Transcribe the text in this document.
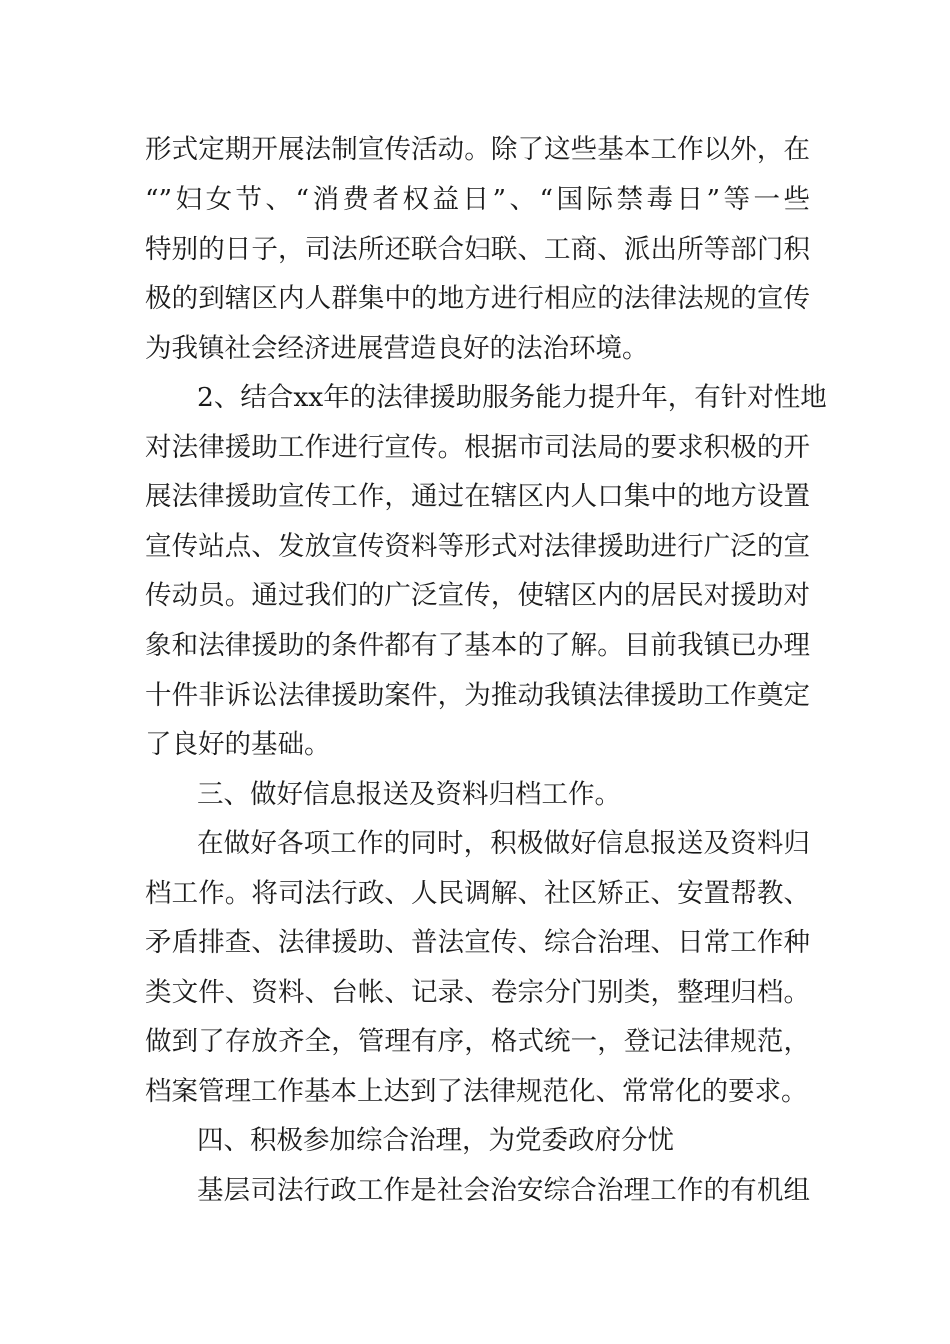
形式定期开展法制宣传活动。除了这些基本工作以外，在
“”妇女节、“消费者权益日”、“国际禁毒日”等一些
特别的日子，司法所还联合妇联、工商、派出所等部门积
极的到辖区内人群集中的地方进行相应的法律法规的宣传
为我镇社会经济进展营造良好的法治环境。
2、结合xx年的法律援助服务能力提升年，有针对性地
对法律援助工作进行宣传。根据市司法局的要求积极的开
展法律援助宣传工作，通过在辖区内人口集中的地方设置
宣传站点、发放宣传资料等形式对法律援助进行广泛的宣
传动员。通过我们的广泛宣传，使辖区内的居民对援助对
象和法律援助的条件都有了基本的了解。目前我镇已办理
十件非诉讼法律援助案件，为推动我镇法律援助工作奠定
了良好的基础。
三、做好信息报送及资料归档工作。
在做好各项工作的同时，积极做好信息报送及资料归
档工作。将司法行政、人民调解、社区矫正、安置帮教、
矛盾排查、法律援助、普法宣传、综合治理、日常工作种
类文件、资料、台帐、记录、卷宗分门别类，整理归档。
做到了存放齐全，管理有序，格式统一，登记法律规范，
档案管理工作基本上达到了法律规范化、常常化的要求。
四、积极参加综合治理，为党委政府分忧
基层司法行政工作是社会治安综合治理工作的有机组
